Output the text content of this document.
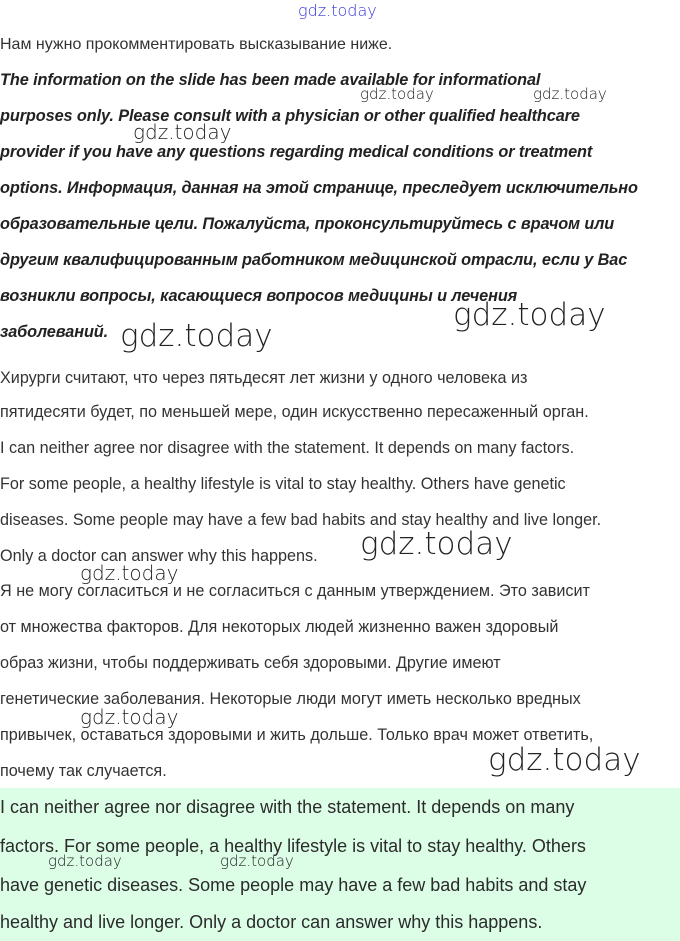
Нам нужно прокомментировать высказывание ниже.
The information on the slide has been made available for informational
purposes only. Please consult with a physician or other qualified healthcare
provider if you have any questions regarding medical conditions or treatment
options. Информация, данная на этой странице, преследует исключительно
образовательные цели. Пожалуйста, проконсультируйтесь с врачом или
другим квалифицированным работником медицинской отрасли, если у Вас
возникли вопросы, касающиеся вопросов медицины и лечения
заболеваний.
Хирурги считают, что через пятьдесят лет жизни у одного человека из
пятидесяти будет, по меньшей мере, один искусственно пересаженный орган.
I can neither agree nor disagree with the statement. It depends on many factors.
For some people, a healthy lifestyle is vital to stay healthy. Others have genetic
diseases. Some people may have a few bad habits and stay healthy and live longer.
Only a doctor can answer why this happens.
Я не могу согласиться и не согласиться с данным утверждением. Это зависит
от множества факторов. Для некоторых людей жизненно важен здоровый
образ жизни, чтобы поддерживать себя здоровыми. Другие имеют
генетические заболевания. Некоторые люди могут иметь несколько вредных
привычек, оставаться здоровыми и жить дольше. Только врач может ответить,
почему так случается.
I can neither agree nor disagree with the statement. It depends on many
factors. For some people, a healthy lifestyle is vital to stay healthy. Others
have genetic diseases. Some people may have a few bad habits and stay
healthy and live longer. Only a doctor can answer why this happens.
gdz.today
gdz.today	gdz.today
gdz.today
gdz.today
gdz.today
gdz.today
gdz.today
gdz.today
gdz.today
gdz.today	gdz.today
